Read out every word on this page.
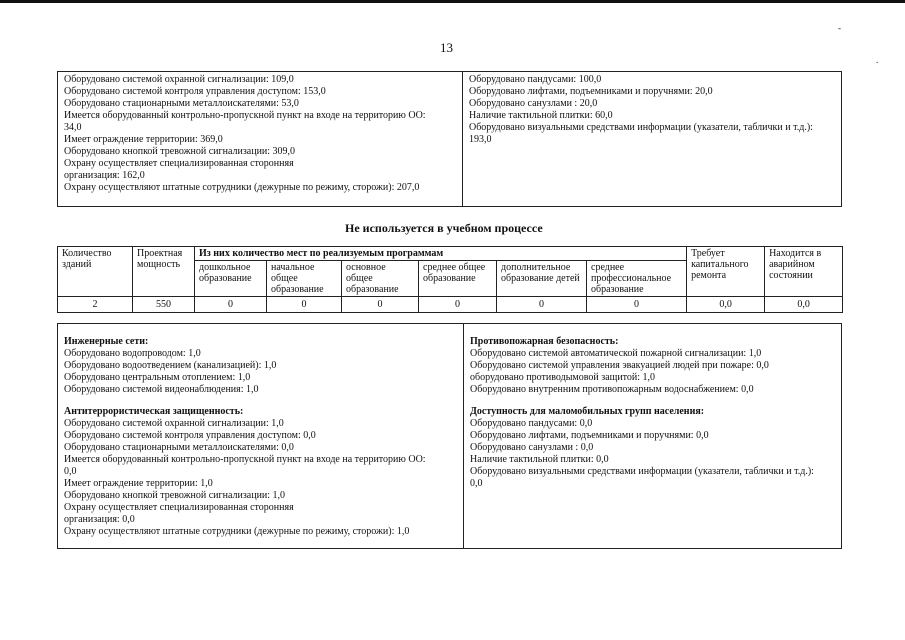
13
-
.
Оборудовано системой охранной сигнализации: 109,0
Оборудовано системой контроля управления доступом: 153,0
Оборудовано стационарными металлоискателями: 53,0
Имеется оборудованный контрольно-пропускной пункт на входе на территорию ОО:
34,0
Имеет ограждение территории: 369,0
Оборудовано кнопкой тревожной сигнализации: 309,0
Охрану осуществляет специализированная сторонняя
организация: 162,0
Охрану осуществляют штатные сотрудники (дежурные по режиму, сторожи): 207,0
Оборудовано пандусами: 100,0
Оборудовано лифтами, подъемниками и поручнями: 20,0
Оборудовано санузлами : 20,0
Наличие тактильной плитки: 60,0
Оборудовано визуальными средствами информации (указатели, таблички и т.д.):
193,0
Не используется в учебном процессе
Количество зданий	Проектная мощность	Из них количество мест по реализуемым программам						Требует капитального ремонта	Находится в аварийном состоянии
		дошкольное образование	начальное общее образование	основное общее образование	среднее общее образование	дополнительное образование детей	среднее профессиональное образование		
2	550	0	0	0	0	0	0	0,0	0,0
Инженерные сети:
Оборудовано водопроводом: 1,0
Оборудовано водоотведением (канализацией): 1,0
Оборудовано центральным отоплением: 1,0
Оборудовано системой видеонаблюдения: 1,0
Антитеррористическая защищенность:
Оборудовано системой охранной сигнализации: 1,0
Оборудовано системой контроля управления доступом: 0,0
Оборудовано стационарными металлоискателями: 0,0
Имеется оборудованный контрольно-пропускной пункт на входе на территорию ОО:
0,0
Имеет ограждение территории: 1,0
Оборудовано кнопкой тревожной сигнализации: 1,0
Охрану осуществляет специализированная сторонняя
организация: 0,0
Охрану осуществляют штатные сотрудники (дежурные по режиму, сторожи): 1,0
Противопожарная безопасность:
Оборудовано системой автоматической пожарной сигнализации: 1,0
Оборудовано системой управления эвакуацией людей при пожаре: 0,0
оборудовано противодымовой защитой: 1,0
Оборудовано внутренним противопожарным водоснабжением: 0,0
Доступность для маломобильных групп населения:
Оборудовано пандусами: 0,0
Оборудовано лифтами, подъемниками и поручнями: 0,0
Оборудовано санузлами : 0,0
Наличие тактильной плитки: 0,0
Оборудовано визуальными средствами информации (указатели, таблички и т.д.):
0,0
